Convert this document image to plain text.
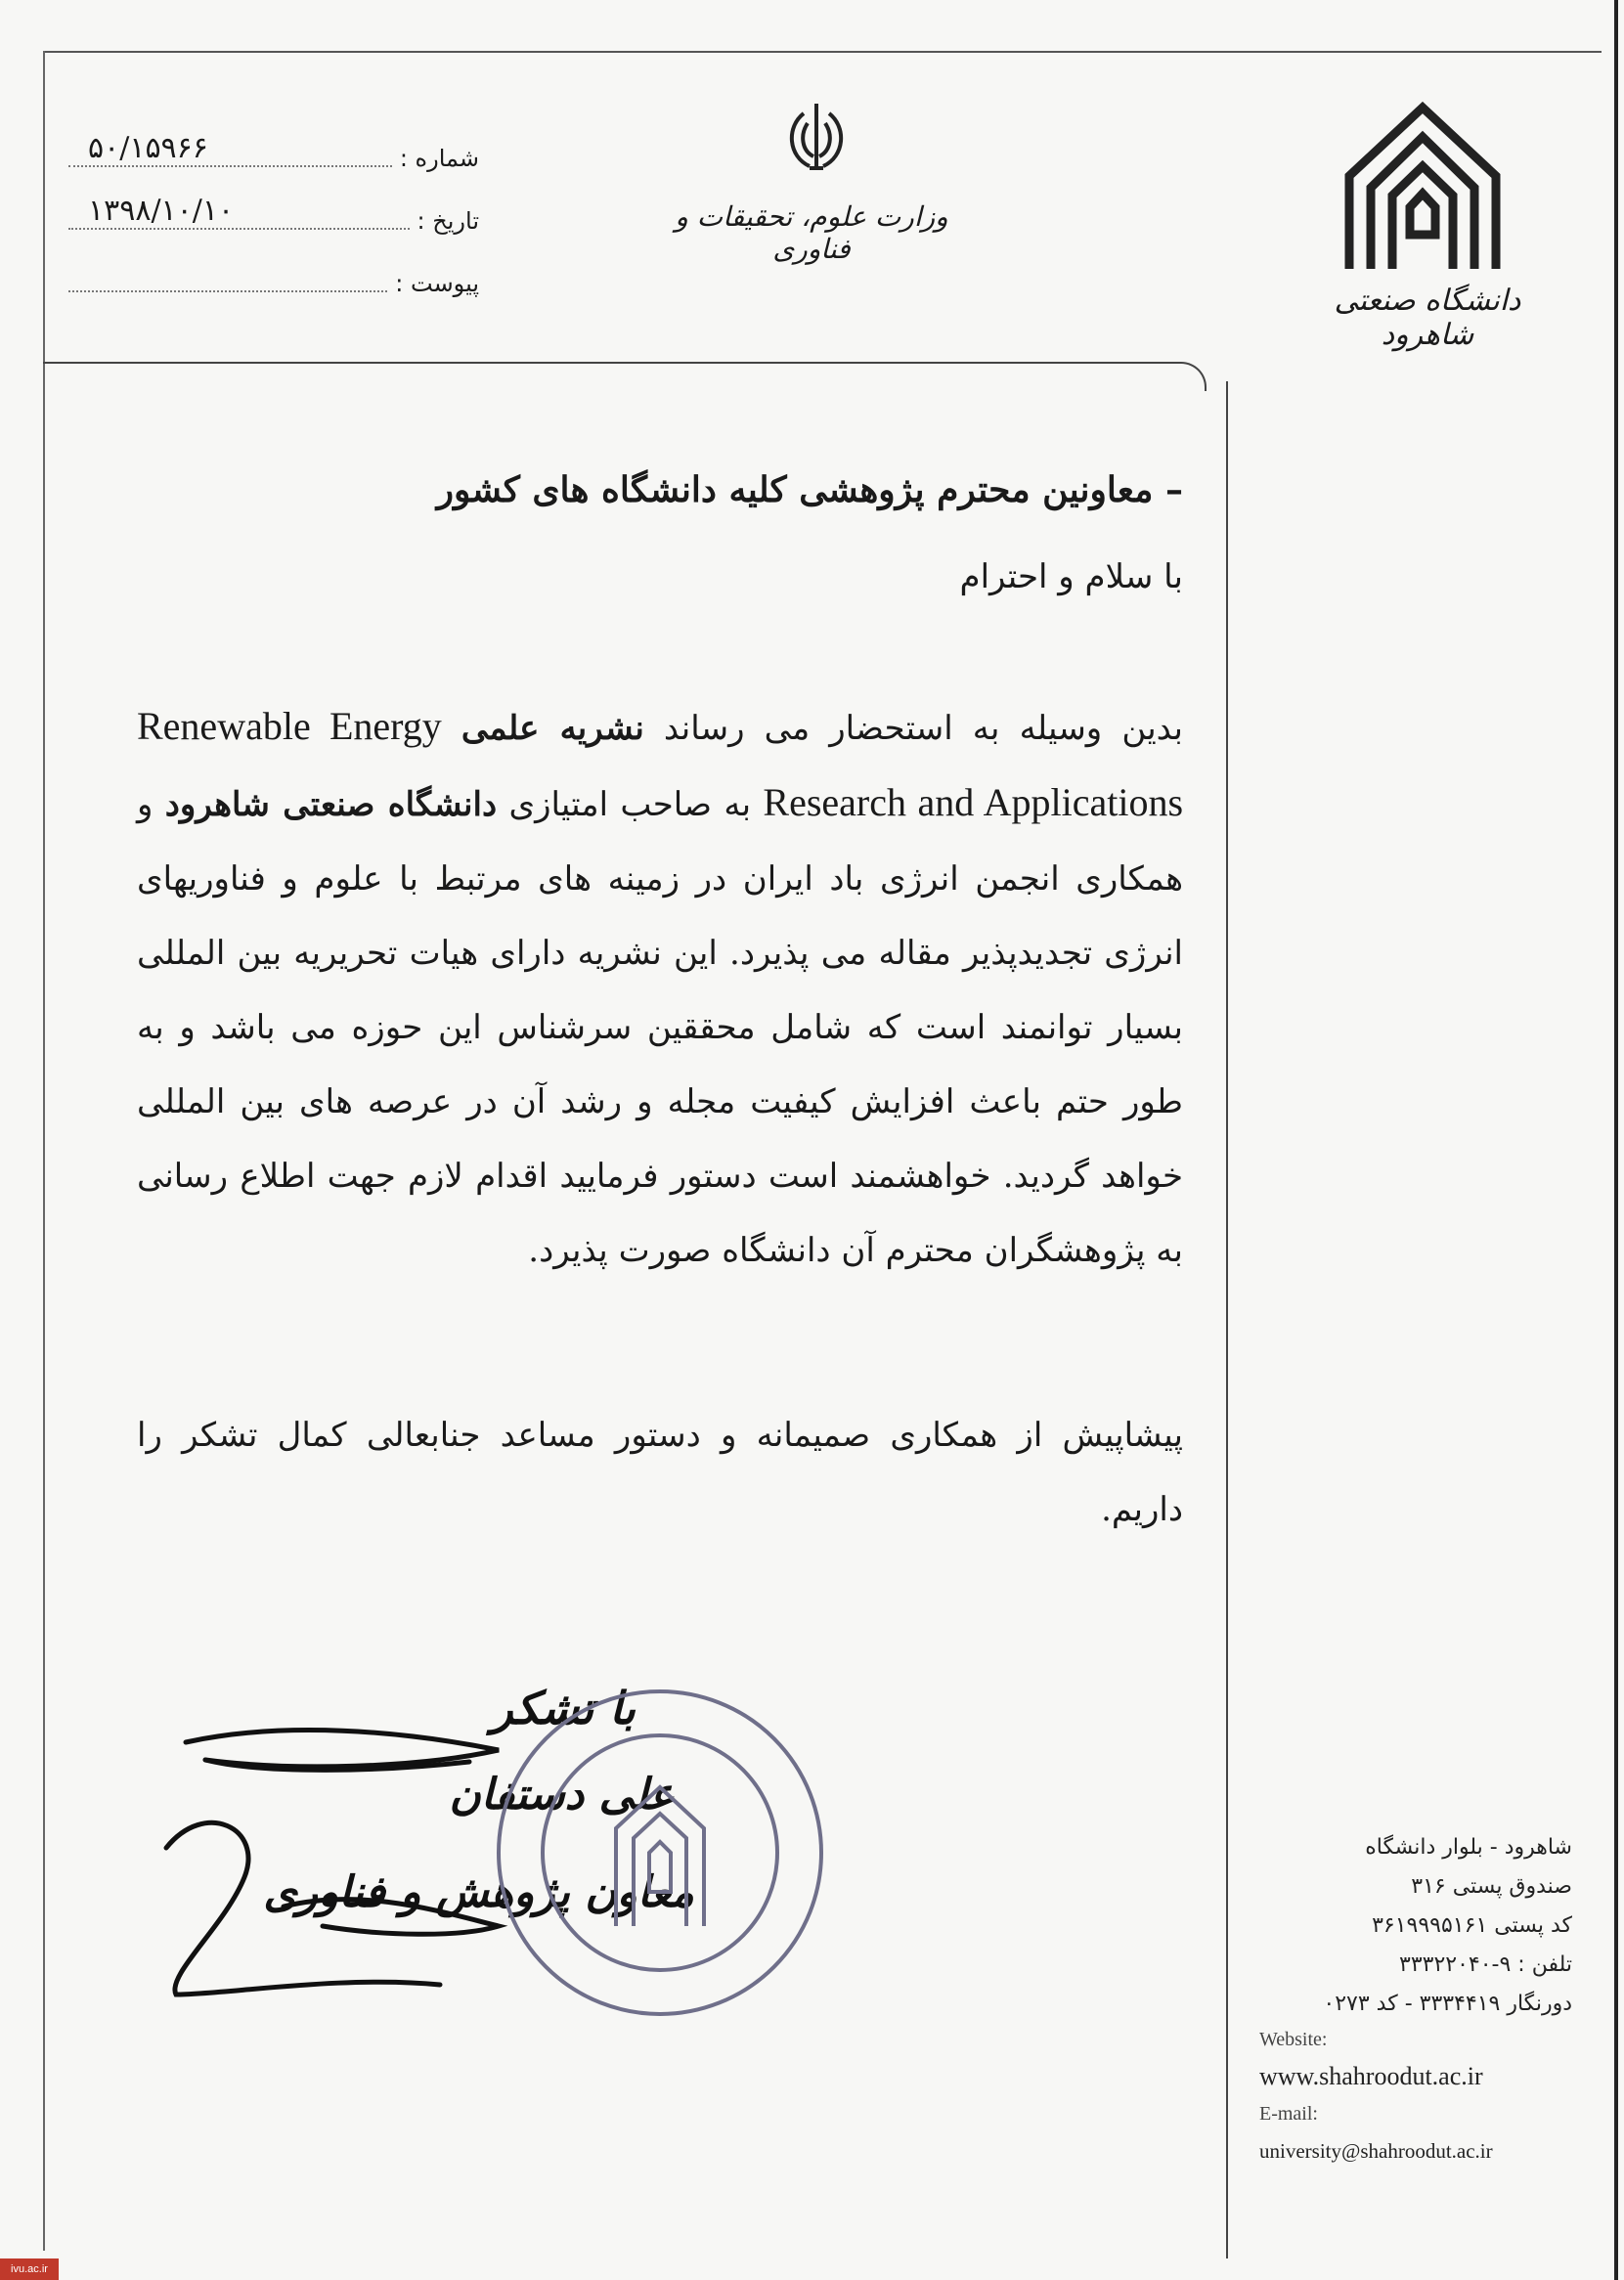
دانشگاه صنعتی شاهرود
وزارت علوم، تحقیقات و فناوری
شماره :
۵۰/۱۵۹۶۶
تاریخ :
۱۳۹۸/۱۰/۱۰
پیوست :
– معاونین محترم پژوهشی کلیه دانشگاه های کشور
با سلام و احترام
بدین وسیله به استحضار می رساند نشریه علمی Renewable Energy Research and Applications به صاحب امتیازی دانشگاه صنعتی شاهرود و همکاری انجمن انرژی باد ایران در زمینه های مرتبط با علوم و فناوریهای انرژی تجدیدپذیر مقاله می پذیرد. این نشریه دارای هیات تحریریه بین المللی بسیار توانمند است که شامل محققین سرشناس این حوزه می باشد و به طور حتم باعث افزایش کیفیت مجله و رشد آن در عرصه های بین المللی خواهد گردید. خواهشمند است دستور فرمایید اقدام لازم جهت اطلاع رسانی به پژوهشگران محترم آن دانشگاه صورت پذیرد.
پیشاپیش از همکاری صمیمانه و دستور مساعد جنابعالی کمال تشکر را داریم.
با تشکر
علی دستفان
معاون پژوهش و فناوری
شاهرود - بلوار دانشگاه
صندوق پستی ۳۱۶
کد پستی ۳۶۱۹۹۹۵۱۶۱
تلفن : ۹-۳۳۳۲۲۰۴۰
دورنگار ۳۳۳۴۴۱۹ - کد ۰۲۷۳
Website:
www.shahroodut.ac.ir
E-mail:
university@shahroodut.ac.ir
ivu.ac.ir
